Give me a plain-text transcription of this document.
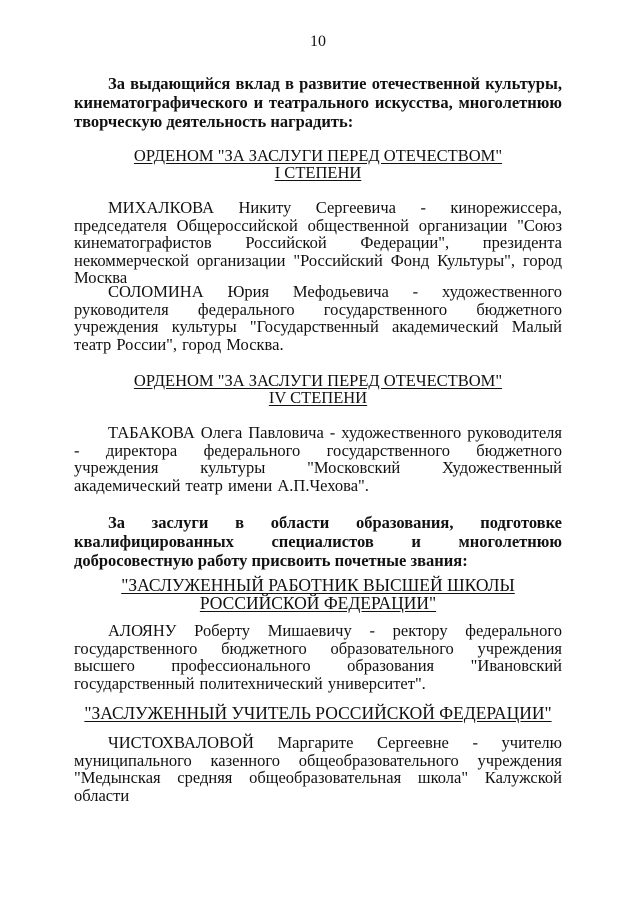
10

За выдающийся вклад в развитие отечественной культуры, кинематографического и театрального искусства, многолетнюю творческую деятельность наградить:

ОРДЕНОМ "ЗА ЗАСЛУГИ ПЕРЕД ОТЕЧЕСТВОМ"
I СТЕПЕНИ

МИХАЛКОВА Никиту Сергеевича - кинорежиссера, председателя Общероссийской общественной организации "Союз кинематографистов Российской Федерации", президента некоммерческой организации "Российский Фонд Культуры", город Москва

СОЛОМИНА Юрия Мефодьевича - художественного руководителя федерального государственного бюджетного учреждения культуры "Государственный академический Малый театр России", город Москва.

ОРДЕНОМ "ЗА ЗАСЛУГИ ПЕРЕД ОТЕЧЕСТВОМ"
IV СТЕПЕНИ

ТАБАКОВА Олега Павловича - художественного руководителя - директора федерального государственного бюджетного учреждения культуры "Московский Художественный академический театр имени А.П.Чехова".

За заслуги в области образования, подготовке квалифицированных специалистов и многолетнюю добросовестную работу присвоить почетные звания:

"ЗАСЛУЖЕННЫЙ РАБОТНИК ВЫСШЕЙ ШКОЛЫ
РОССИЙСКОЙ ФЕДЕРАЦИИ"

АЛОЯНУ Роберту Мишаевичу - ректору федерального государственного бюджетного образовательного учреждения высшего профессионального образования "Ивановский государственный политехнический университет".

"ЗАСЛУЖЕННЫЙ УЧИТЕЛЬ РОССИЙСКОЙ ФЕДЕРАЦИИ"

ЧИСТОХВАЛОВОЙ Маргарите Сергеевне - учителю муниципального казенного общеобразовательного учреждения "Медынская средняя общеобразовательная школа" Калужской области
